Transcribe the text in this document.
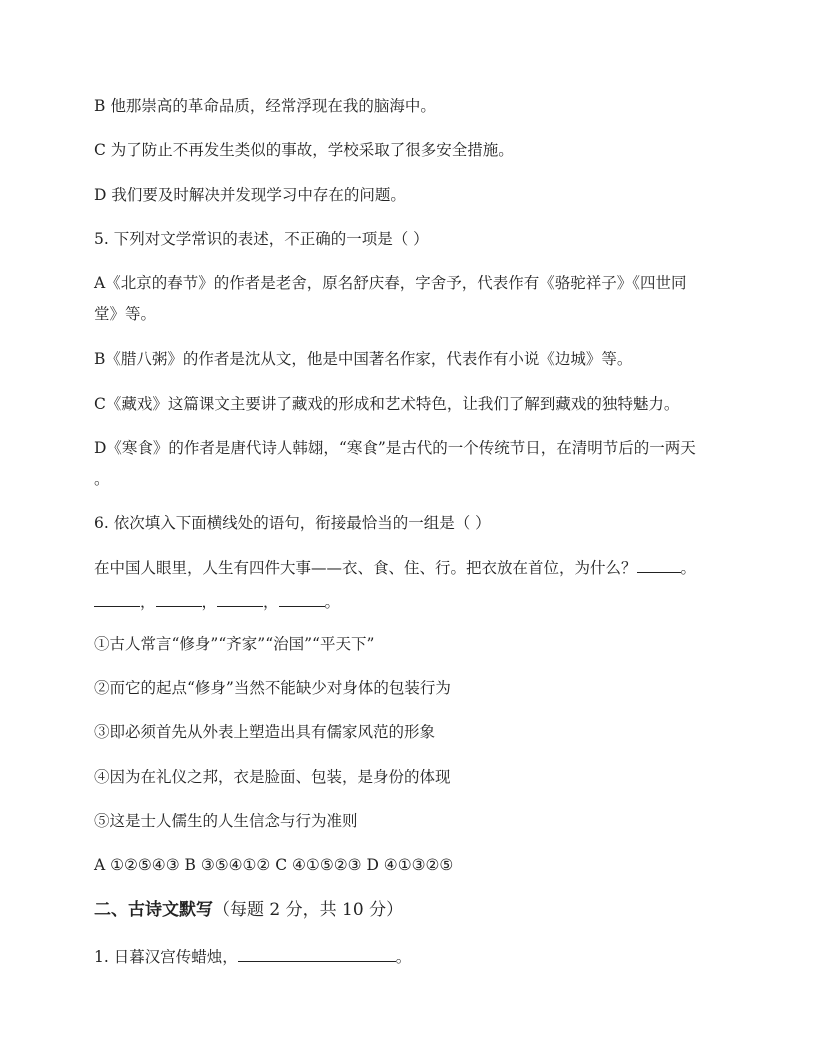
B 他那崇高的革命品质，经常浮现在我的脑海中。
C 为了防止不再发生类似的事故，学校采取了很多安全措施。
D 我们要及时解决并发现学习中存在的问题。
5. 下列对文学常识的表述，不正确的一项是（ ）
A《北京的春节》的作者是老舍，原名舒庆春，字舍予，代表作有《骆驼祥子》《四世同
堂》等。
B《腊八粥》的作者是沈从文，他是中国著名作家，代表作有小说《边城》等。
C《藏戏》这篇课文主要讲了藏戏的形成和艺术特色，让我们了解到藏戏的独特魅力。
D《寒食》的作者是唐代诗人韩翃，“寒食”是古代的一个传统节日，在清明节后的一两天
。
6. 依次填入下面横线处的语句，衔接最恰当的一组是（ ）
在中国人眼里，人生有四件大事——衣、食、住、行。把衣放在首位，为什么？	。
，	，	，	。
①古人常言“修身”“齐家”“治国”“平天下”
②而它的起点“修身”当然不能缺少对身体的包装行为
③即必须首先从外表上塑造出具有儒家风范的形象
④因为在礼仪之邦，衣是脸面、包装，是身份的体现
⑤这是士人儒生的人生信念与行为准则
A ①②⑤④③ B ③⑤④①② C ④①⑤②③ D ④①③②⑤
二、古诗文默写（每题 2 分，共 10 分）
1. 日暮汉宫传蜡烛，	。
